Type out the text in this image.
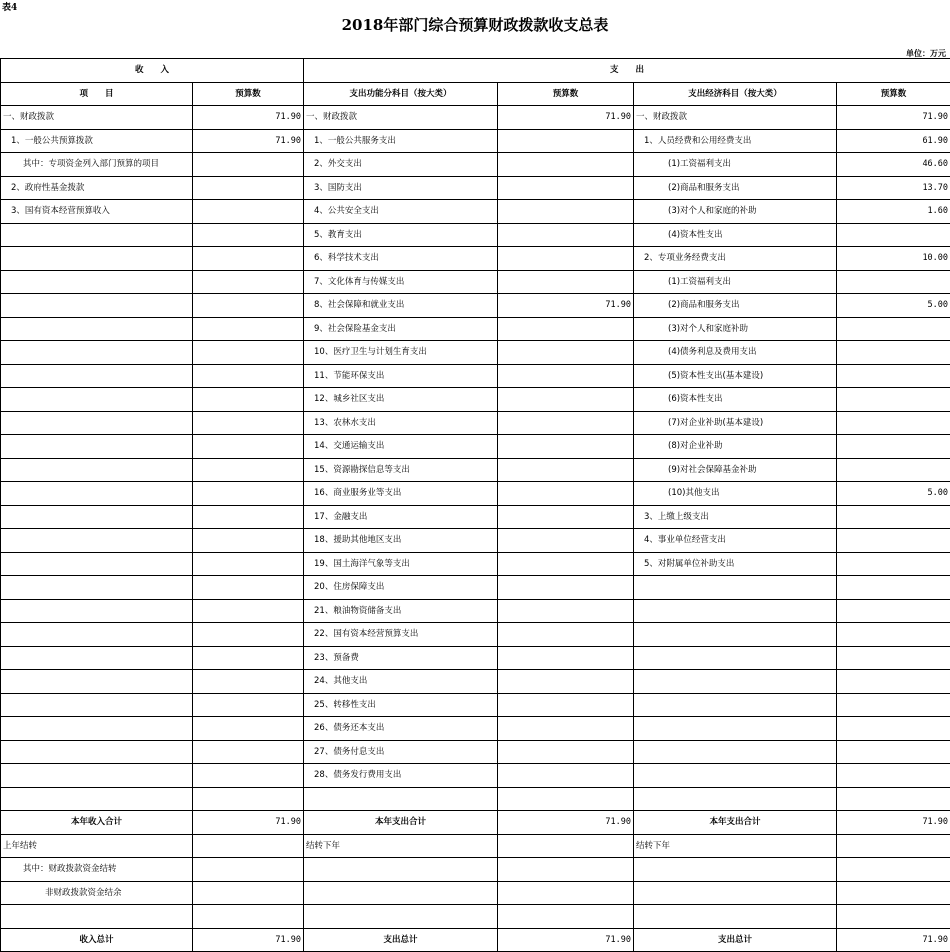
表4
2018年部门综合预算财政拨款收支总表
单位：万元
收　　入		支　　出			
项　　目	预算数	支出功能分科目（按大类）	预算数	支出经济科目（按大类）	预算数
一、财政拨款	71.90	一、财政拨款	71.90	一、财政拨款	71.90
1、一般公共预算拨款	71.90	1、一般公共服务支出		1、人员经费和公用经费支出	61.90
其中：专项资金列入部门预算的项目		2、外交支出		(1)工资福利支出	46.60
2、政府性基金拨款		3、国防支出		(2)商品和服务支出	13.70
3、国有资本经营预算收入		4、公共安全支出		(3)对个人和家庭的补助	1.60
		5、教育支出		(4)资本性支出	
		6、科学技术支出		2、专项业务经费支出	10.00
		7、文化体育与传媒支出		(1)工资福利支出	
		8、社会保障和就业支出	71.90	(2)商品和服务支出	5.00
		9、社会保险基金支出		(3)对个人和家庭补助	
		10、医疗卫生与计划生育支出		(4)债务利息及费用支出	
		11、节能环保支出		(5)资本性支出(基本建设)	
		12、城乡社区支出		(6)资本性支出	
		13、农林水支出		(7)对企业补助(基本建设)	
		14、交通运输支出		(8)对企业补助	
		15、资源勘探信息等支出		(9)对社会保障基金补助	
		16、商业服务业等支出		(10)其他支出	5.00
		17、金融支出		3、上缴上级支出	
		18、援助其他地区支出		4、事业单位经营支出	
		19、国土海洋气象等支出		5、对附属单位补助支出	
		20、住房保障支出			
		21、粮油物资储备支出			
		22、国有资本经营预算支出			
		23、预备费			
		24、其他支出			
		25、转移性支出			
		26、债务还本支出			
		27、债务付息支出			
		28、债务发行费用支出			

本年收入合计	71.90	本年支出合计	71.90	本年支出合计	71.90
上年结转		结转下年		结转下年	
其中：财政拨款资金结转					
非财政拨款资金结余					

收入总计	71.90	支出总计	71.90	支出总计	71.90
